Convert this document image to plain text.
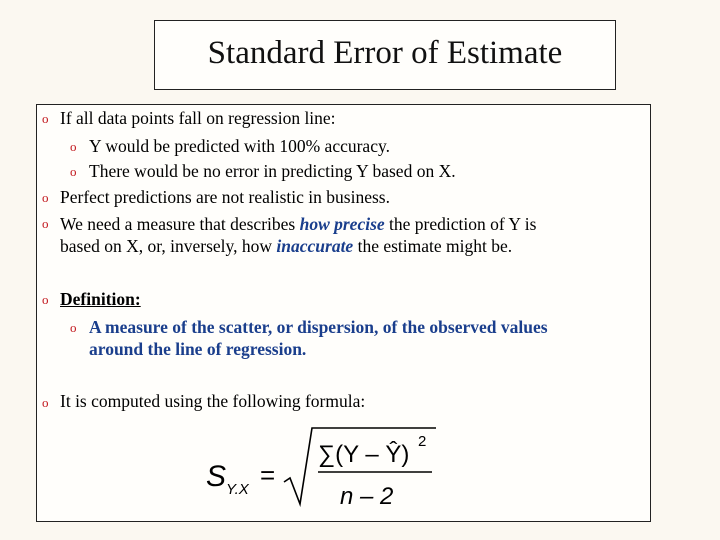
Standard Error of Estimate
o If all data points fall on regression line:
o Y would be predicted with 100% accuracy.
o There would be no error in predicting Y based on X.
o Perfect predictions are not realistic in business.
o We need a measure that describes how precise the prediction of Y is
based on X, or, inversely, how inaccurate the estimate might be.
o Definition:
o A measure of the scatter, or dispersion, of the observed values
around the line of regression.
o It is computed using the following formula:
S Y.X =
∑(Y – Ŷ) 2
n – 2
